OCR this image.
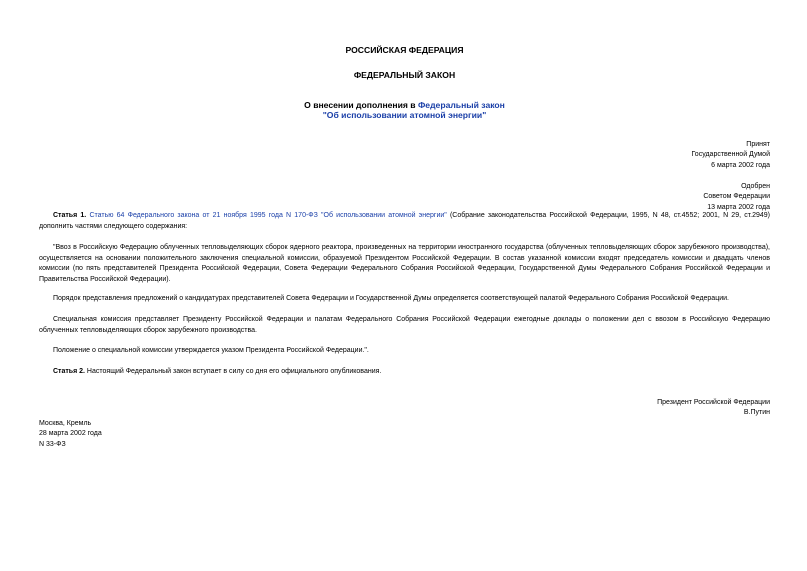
РОССИЙСКАЯ ФЕДЕРАЦИЯ
ФЕДЕРАЛЬНЫЙ ЗАКОН
О внесении дополнения в Федеральный закон
"Об использовании атомной энергии"
Принят
Государственной Думой
6 марта 2002 года
Одобрен
Советом Федерации
13 марта 2002 года
Статья 1. Статью 64 Федерального закона от 21 ноября 1995 года N 170-ФЗ "Об использовании атомной энергии" (Собрание законодательства Российской Федерации, 1995, N 48, ст.4552; 2001, N 29, ст.2949) дополнить частями следующего содержания:
"Ввоз в Российскую Федерацию облученных тепловыделяющих сборок ядерного реактора, произведенных на территории иностранного государства (облученных тепловыделяющих сборок зарубежного производства), осуществляется на основании положительного заключения специальной комиссии, образуемой Президентом Российской Федерации. В состав указанной комиссии входят председатель комиссии и двадцать членов комиссии (по пять представителей Президента Российской Федерации, Совета Федерации Федерального Собрания Российской Федерации, Государственной Думы Федерального Собрания Российской Федерации и Правительства Российской Федерации).
Порядок представления предложений о кандидатурах представителей Совета Федерации и Государственной Думы определяется соответствующей палатой Федерального Собрания Российской Федерации.
Специальная комиссия представляет Президенту Российской Федерации и палатам Федерального Собрания Российской Федерации ежегодные доклады о положении дел с ввозом в Российскую Федерацию облученных тепловыделяющих сборок зарубежного производства.
Положение о специальной комиссии утверждается указом Президента Российской Федерации.".
Статья 2. Настоящий Федеральный закон вступает в силу со дня его официального опубликования.
Президент Российской Федерации
В.Путин
Москва, Кремль
28 марта 2002 года
N 33-ФЗ
